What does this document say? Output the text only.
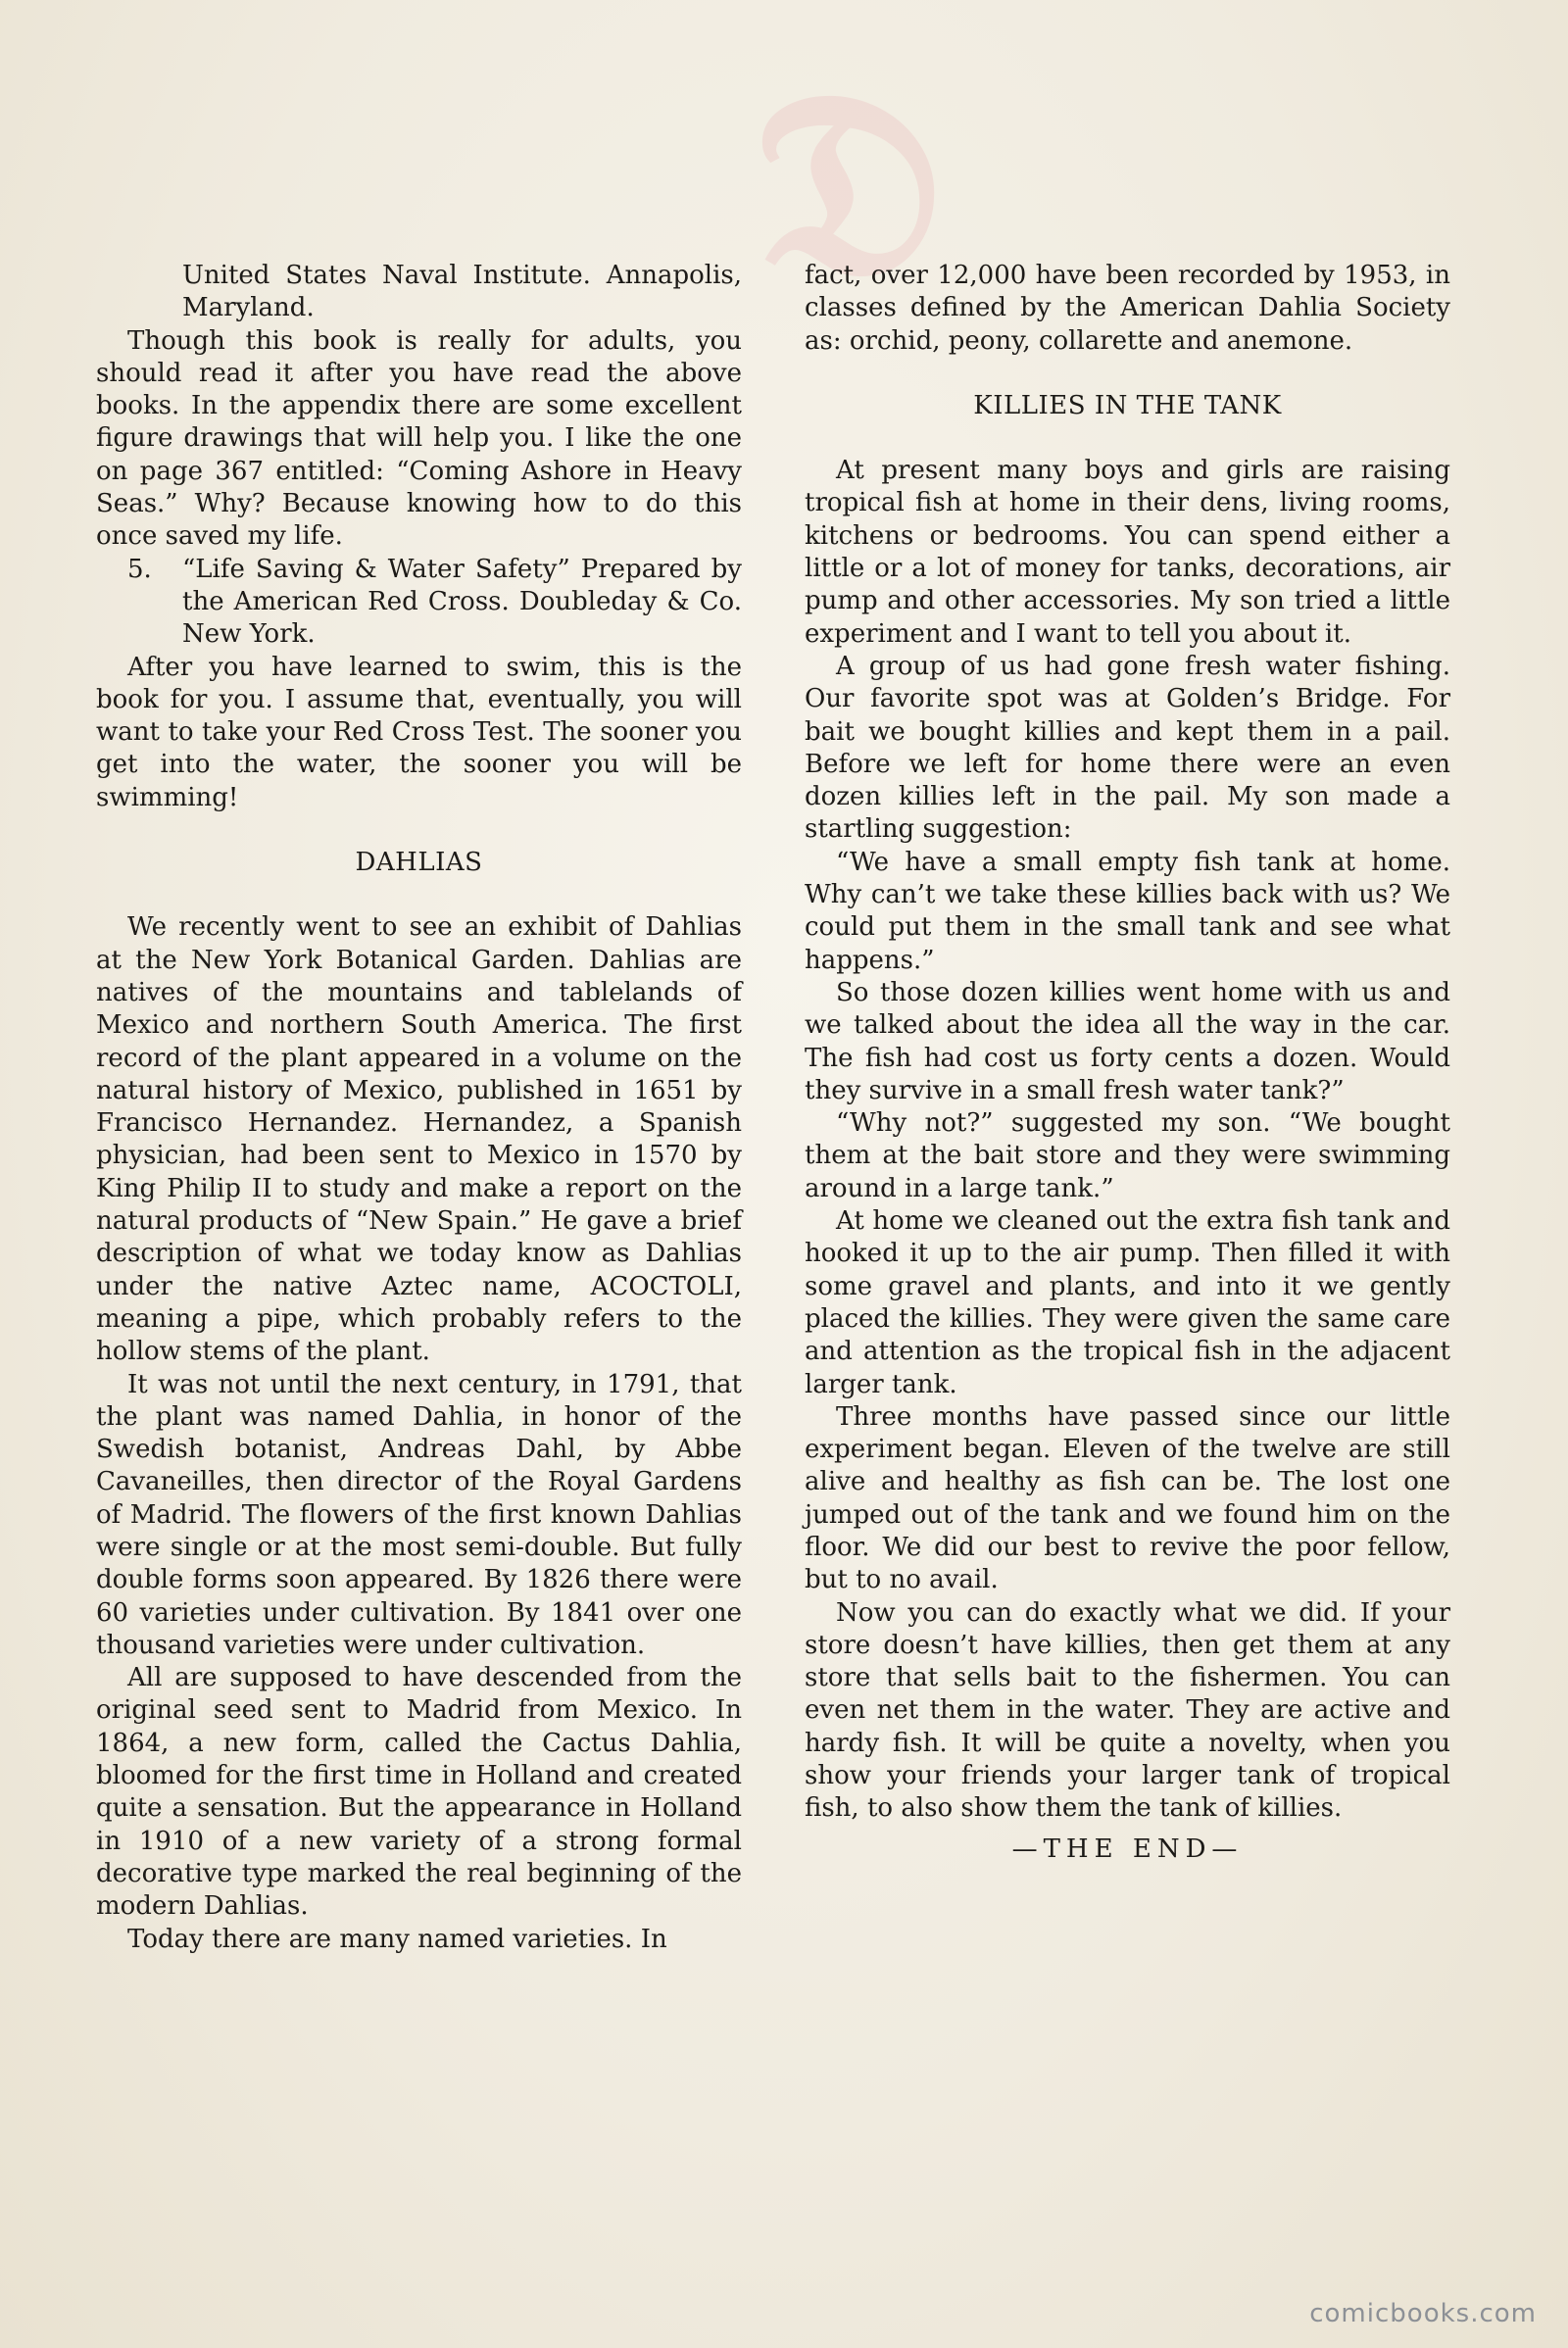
𝔇

United States Naval Institute. Annapolis, Maryland.

Though this book is really for adults, you should read it after you have read the above books. In the appendix there are some excellent figure drawings that will help you. I like the one on page 367 entitled: “Coming Ashore in Heavy Seas.” Why? Because knowing how to do this once saved my life.

5. “Life Saving & Water Safety” Prepared by the American Red Cross. Doubleday & Co. New York.

After you have learned to swim, this is the book for you. I assume that, eventually, you will want to take your Red Cross Test. The sooner you get into the water, the sooner you will be swimming!

DAHLIAS

We recently went to see an exhibit of Dahlias at the New York Botanical Garden. Dahlias are natives of the mountains and tablelands of Mexico and northern South America. The first record of the plant appeared in a volume on the natural history of Mexico, published in 1651 by Francisco Hernandez. Hernandez, a Spanish physician, had been sent to Mexico in 1570 by King Philip II to study and make a report on the natural products of “New Spain.” He gave a brief description of what we today know as Dahlias under the native Aztec name, ACOCTOLI, meaning a pipe, which probably refers to the hollow stems of the plant.

It was not until the next century, in 1791, that the plant was named Dahlia, in honor of the Swedish botanist, Andreas Dahl, by Abbe Cavaneilles, then director of the Royal Gardens of Madrid. The flowers of the first known Dahlias were single or at the most semi-double. But fully double forms soon appeared. By 1826 there were 60 varieties under cultivation. By 1841 over one thousand varieties were under cultivation.

All are supposed to have descended from the original seed sent to Madrid from Mexico. In 1864, a new form, called the Cactus Dahlia, bloomed for the first time in Holland and created quite a sensation. But the appearance in Holland in 1910 of a new variety of a strong formal decorative type marked the real beginning of the modern Dahlias.

Today there are many named varieties. In

fact, over 12,000 have been recorded by 1953, in classes defined by the American Dahlia Society as: orchid, peony, collarette and anemone.

KILLIES IN THE TANK

At present many boys and girls are raising tropical fish at home in their dens, living rooms, kitchens or bedrooms. You can spend either a little or a lot of money for tanks, decorations, air pump and other accessories. My son tried a little experiment and I want to tell you about it.

A group of us had gone fresh water fishing. Our favorite spot was at Golden’s Bridge. For bait we bought killies and kept them in a pail. Before we left for home there were an even dozen killies left in the pail. My son made a startling suggestion:

“We have a small empty fish tank at home. Why can’t we take these killies back with us? We could put them in the small tank and see what happens.”

So those dozen killies went home with us and we talked about the idea all the way in the car. The fish had cost us forty cents a dozen. Would they survive in a small fresh water tank?”

“Why not?” suggested my son. “We bought them at the bait store and they were swimming around in a large tank.”

At home we cleaned out the extra fish tank and hooked it up to the air pump. Then filled it with some gravel and plants, and into it we gently placed the killies. They were given the same care and attention as the tropical fish in the adjacent larger tank.

Three months have passed since our little experiment began. Eleven of the twelve are still alive and healthy as fish can be. The lost one jumped out of the tank and we found him on the floor. We did our best to revive the poor fellow, but to no avail.

Now you can do exactly what we did. If your store doesn’t have killies, then get them at any store that sells bait to the fishermen. You can even net them in the water. They are active and hardy fish. It will be quite a novelty, when you show your friends your larger tank of tropical fish, to also show them the tank of killies.

—THE END—

comicbooks.com
